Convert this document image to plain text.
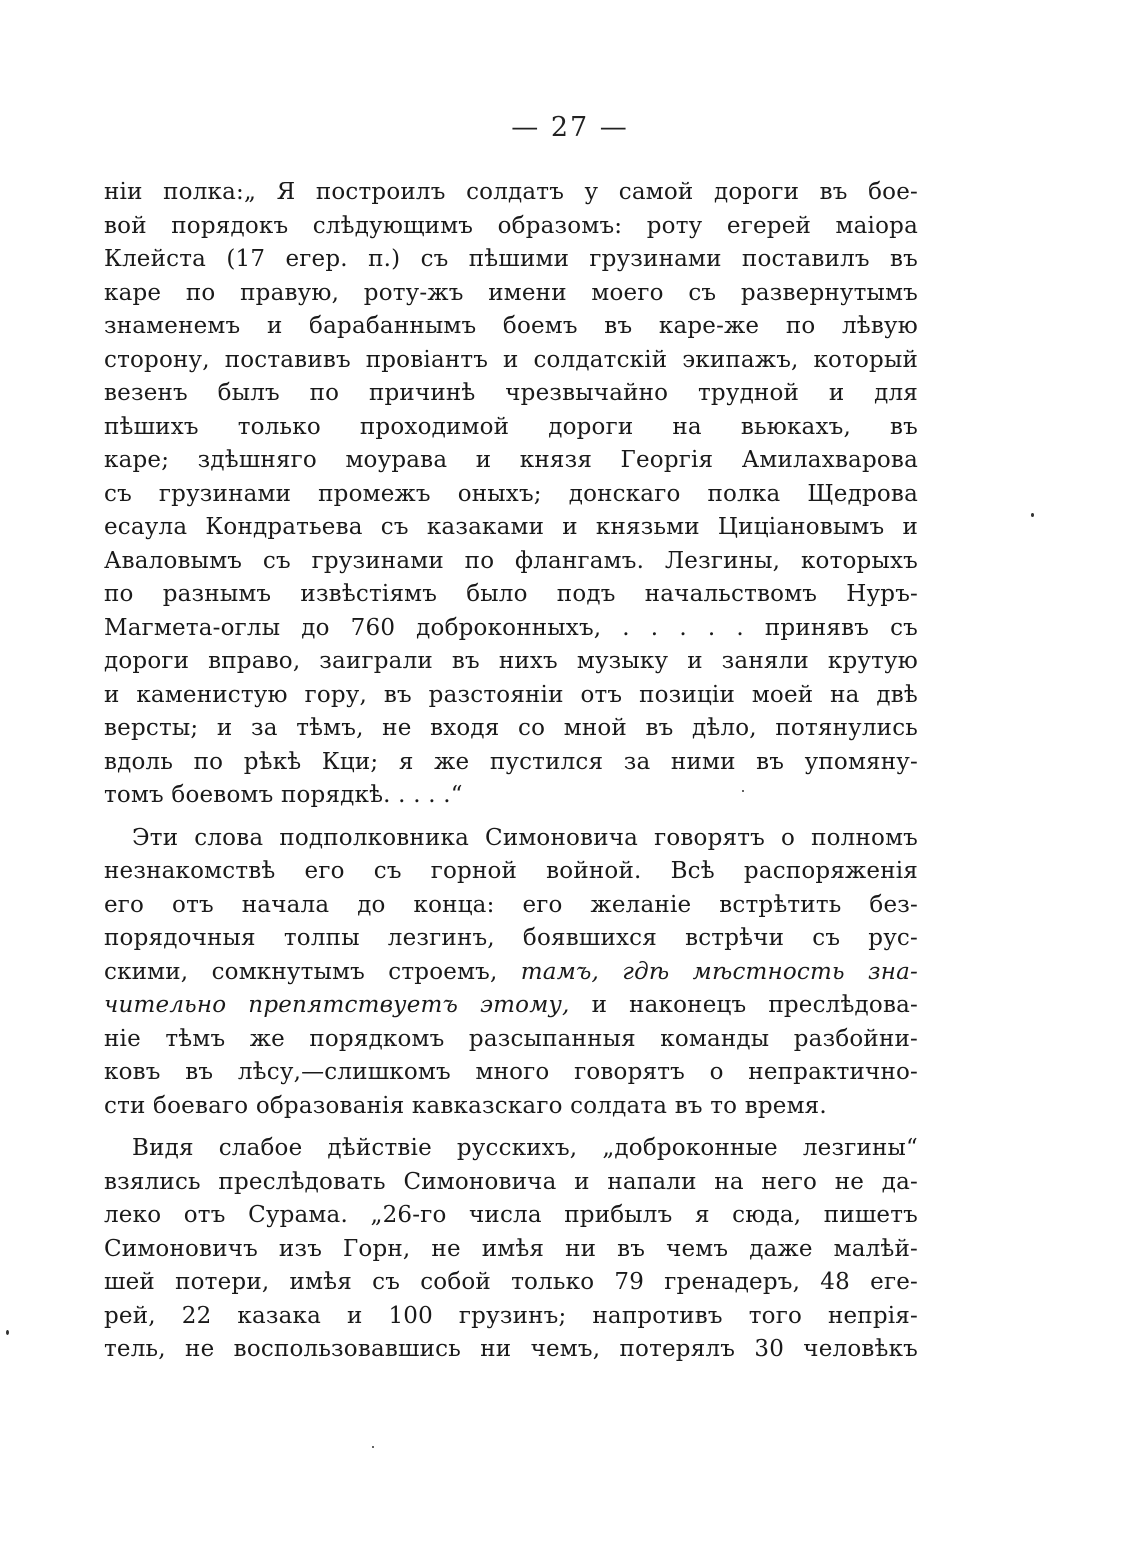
— 27 —
нiи полка:„ Я построилъ солдатъ у самой дороги въ бое-
вой порядокъ слѣдующимъ образомъ: роту егерей маiора
Клейста (17 егер. п.) съ пѣшими грузинами поставилъ въ
каре по правую, роту-жъ имени моего съ развернутымъ
знаменемъ и барабаннымъ боемъ въ каре-же по лѣвую
сторону, поставивъ провiантъ и солдатскiй экипажъ, который
везенъ былъ по причинѣ чрезвычайно трудной и для
пѣшихъ только проходимой дороги на вьюкахъ, въ
каре; здѣшняго моурава и князя Георгiя Амилахварова
съ грузинами промежъ оныхъ; донскаго полка Щедрова
есаула Кондратьева съ казаками и князьми Цицiановымъ и
Аваловымъ съ грузинами по флангамъ. Лезгины, которыхъ
по разнымъ извѣстiямъ было подъ начальствомъ Нуръ-
Магмета-оглы до 760 доброконныхъ, . . . . . принявъ съ
дороги вправо, заиграли въ нихъ музыку и заняли крутую
и каменистую гору, въ разстоянiи отъ позицiи моей на двѣ
версты; и за тѣмъ, не входя со мной въ дѣло, потянулись
вдоль по рѣкѣ Кци; я же пустился за ними въ упомяну-
томъ боевомъ порядкѣ. . . . .“
Эти слова подполковника Симоновича говорятъ о полномъ
незнакомствѣ его съ горной войной. Всѣ распоряженiя
его отъ начала до конца: его желанiе встрѣтить без-
порядочныя толпы лезгинъ, боявшихся встрѣчи съ рус-
скими, сомкнутымъ строемъ, тамъ, гдѣ мѣстность зна-
чительно препятствуетъ этому, и наконецъ преслѣдова-
нiе тѣмъ же порядкомъ разсыпанныя команды разбойни-
ковъ въ лѣсу,—слишкомъ много говорятъ о непрактично-
сти боеваго образованiя кавказскаго солдата въ то время.
Видя слабое дѣйствiе русскихъ, „доброконные лезгины“
взялись преслѣдовать Симоновича и напали на него не да-
леко отъ Сурама. „26-го числа прибылъ я сюда, пишетъ
Симоновичъ изъ Горн, не имѣя ни въ чемъ даже малѣй-
шей потери, имѣя съ собой только 79 гренадеръ, 48 еге-
рей, 22 казака и 100 грузинъ; напротивъ того непрiя-
тель, не воспользовавшись ни чемъ, потерялъ 30 человѣкъ
